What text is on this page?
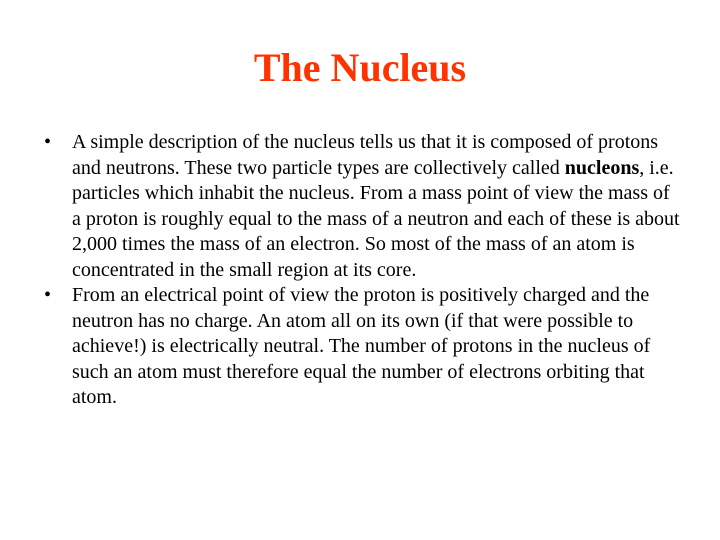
The Nucleus
• A simple description of the nucleus tells us that it is composed of protons and neutrons. These two particle types are collectively called nucleons, i.e. particles which inhabit the nucleus. From a mass point of view the mass of a proton is roughly equal to the mass of a neutron and each of these is about 2,000 times the mass of an electron. So most of the mass of an atom is concentrated in the small region at its core.
• From an electrical point of view the proton is positively charged and the neutron has no charge. An atom all on its own (if that were possible to achieve!) is electrically neutral. The number of protons in the nucleus of such an atom must therefore equal the number of electrons orbiting that atom.
